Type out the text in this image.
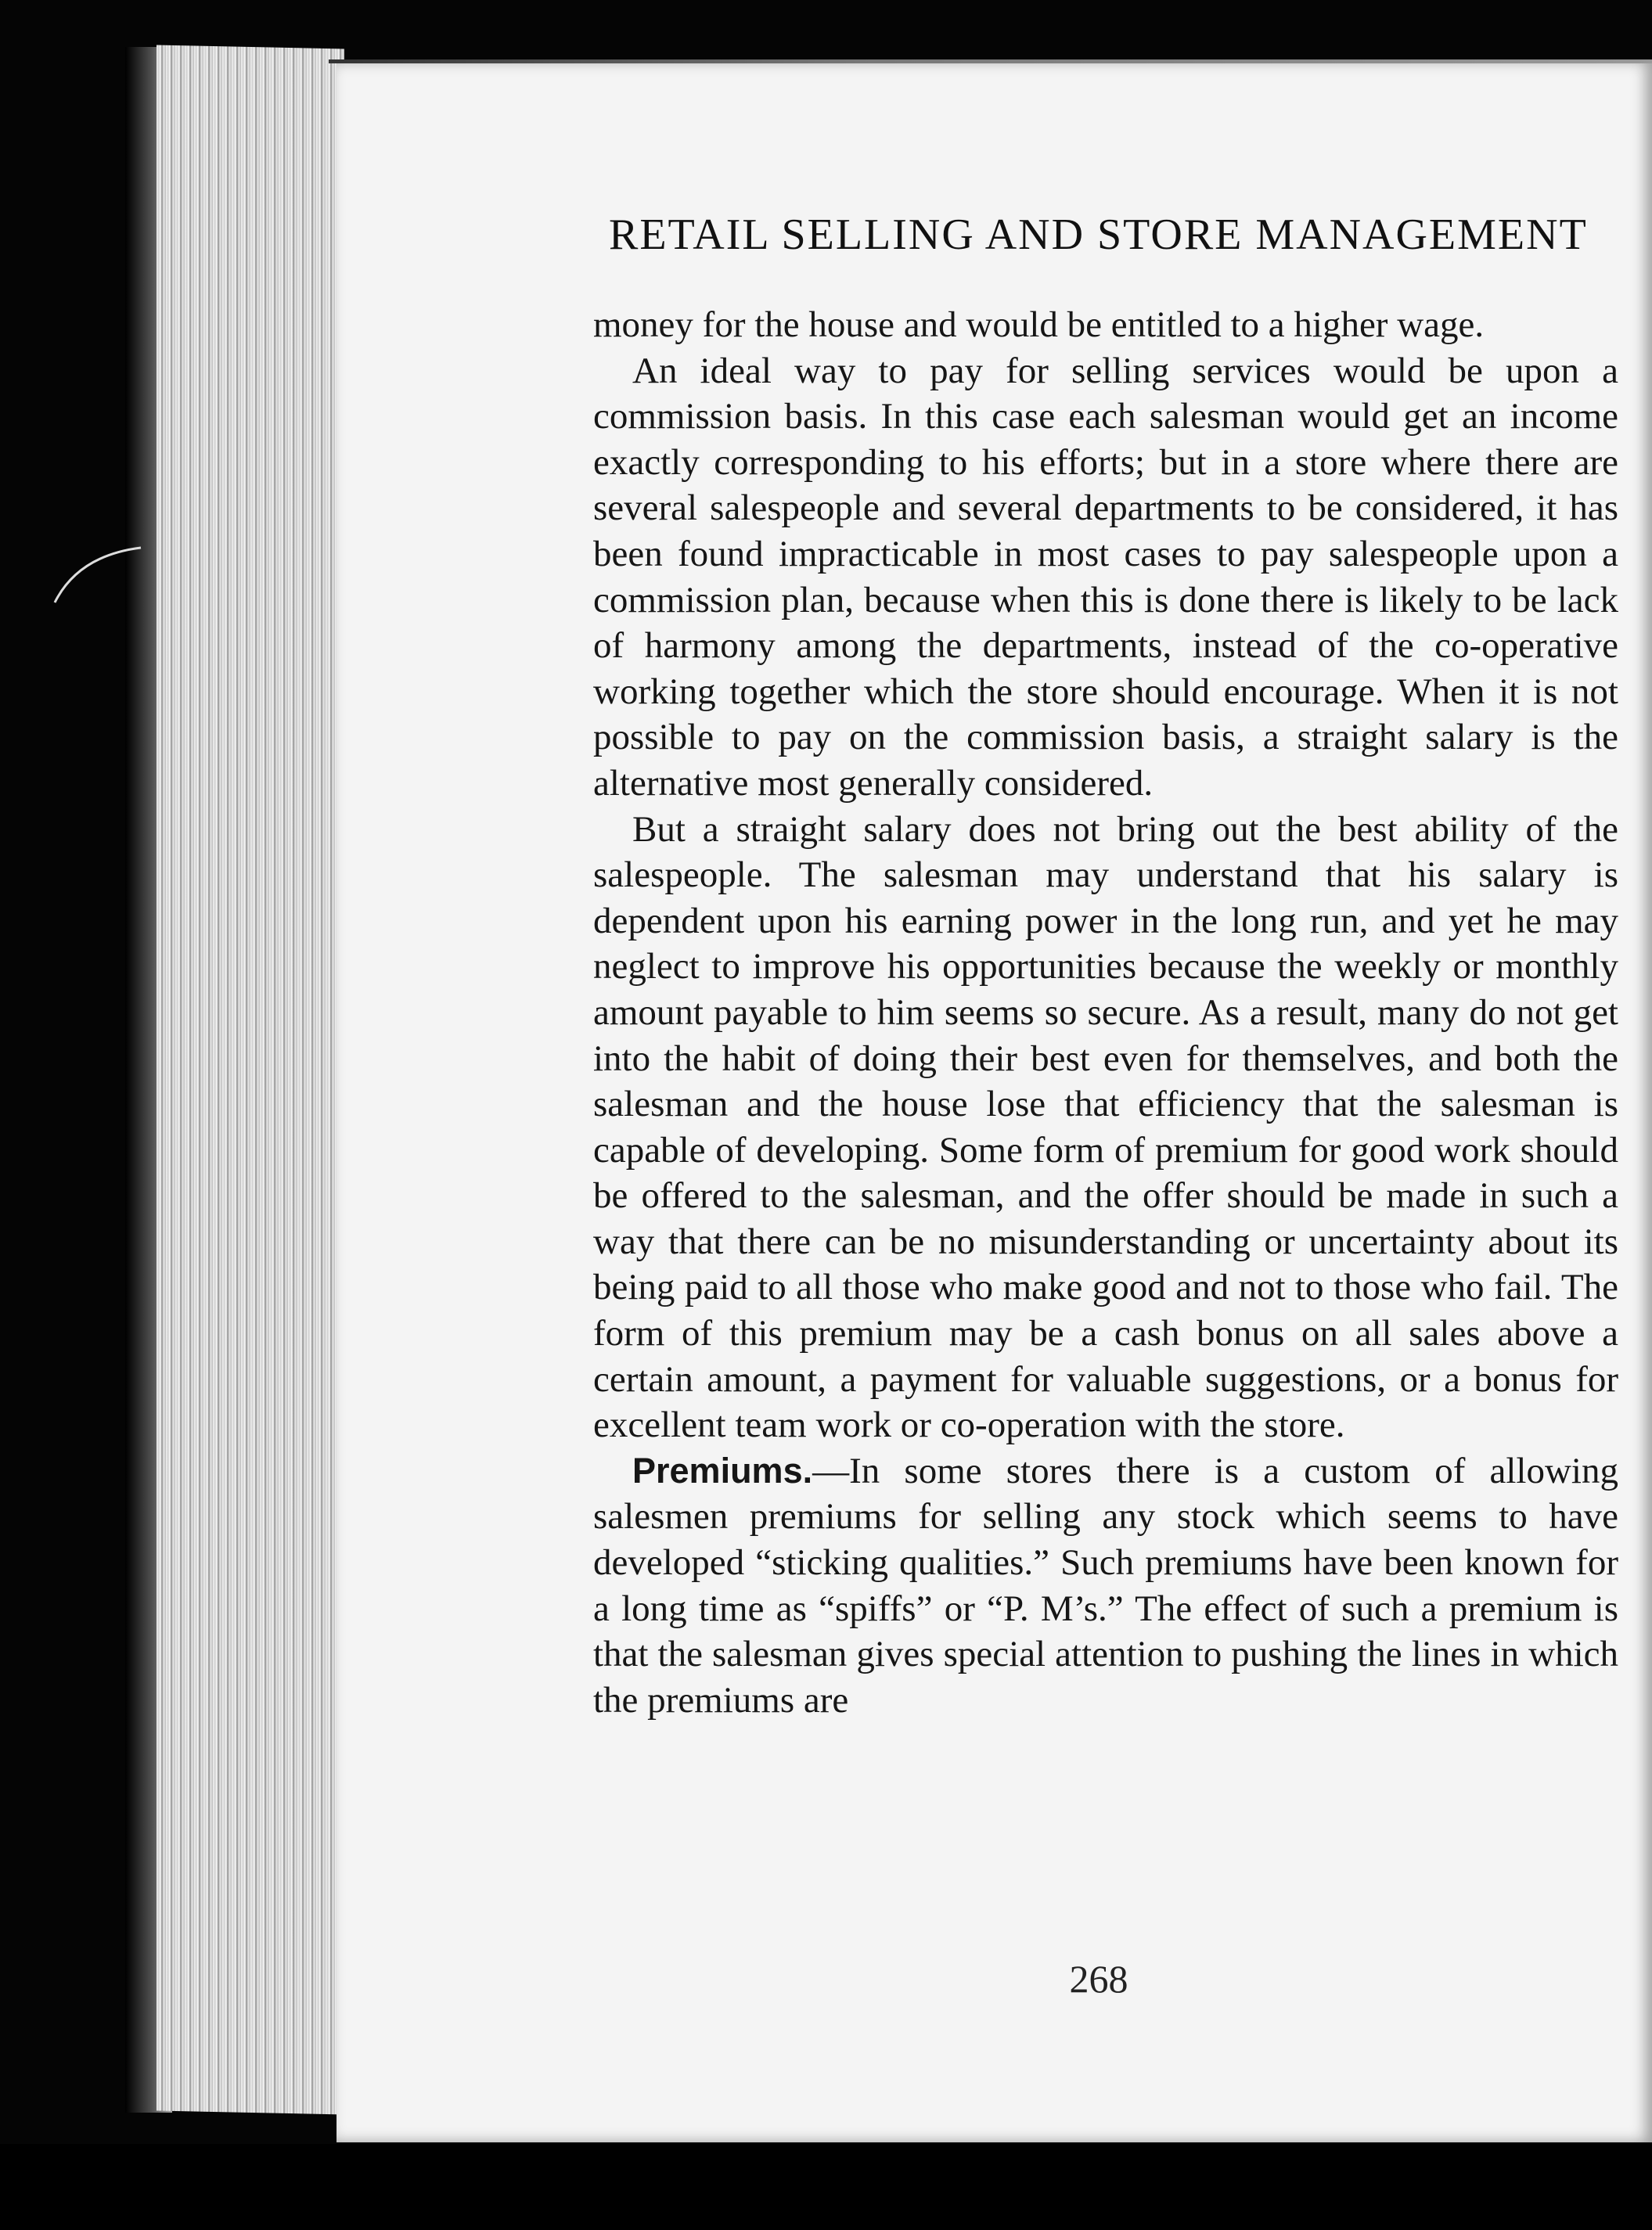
RETAIL SELLING AND STORE MANAGEMENT

money for the house and would be entitled to a higher wage.

An ideal way to pay for selling services would be upon a commission basis. In this case each salesman would get an income exactly corresponding to his efforts; but in a store where there are several salespeople and several departments to be considered, it has been found impracticable in most cases to pay salespeople upon a commission plan, because when this is done there is likely to be lack of harmony among the departments, instead of the co-operative working together which the store should encourage. When it is not possible to pay on the commission basis, a straight salary is the alternative most generally considered.

But a straight salary does not bring out the best ability of the salespeople. The salesman may understand that his salary is dependent upon his earning power in the long run, and yet he may neglect to improve his opportunities because the weekly or monthly amount payable to him seems so secure. As a result, many do not get into the habit of doing their best even for themselves, and both the salesman and the house lose that efficiency that the salesman is capable of developing. Some form of premium for good work should be offered to the salesman, and the offer should be made in such a way that there can be no misunderstanding or uncertainty about its being paid to all those who make good and not to those who fail. The form of this premium may be a cash bonus on all sales above a certain amount, a payment for valuable suggestions, or a bonus for excellent team work or co-operation with the store.

Premiums.—In some stores there is a custom of allowing salesmen premiums for selling any stock which seems to have developed “sticking qualities.” Such premiums have been known for a long time as “spiffs” or “P. M’s.” The effect of such a premium is that the salesman gives special attention to pushing the lines in which the premiums are

268
